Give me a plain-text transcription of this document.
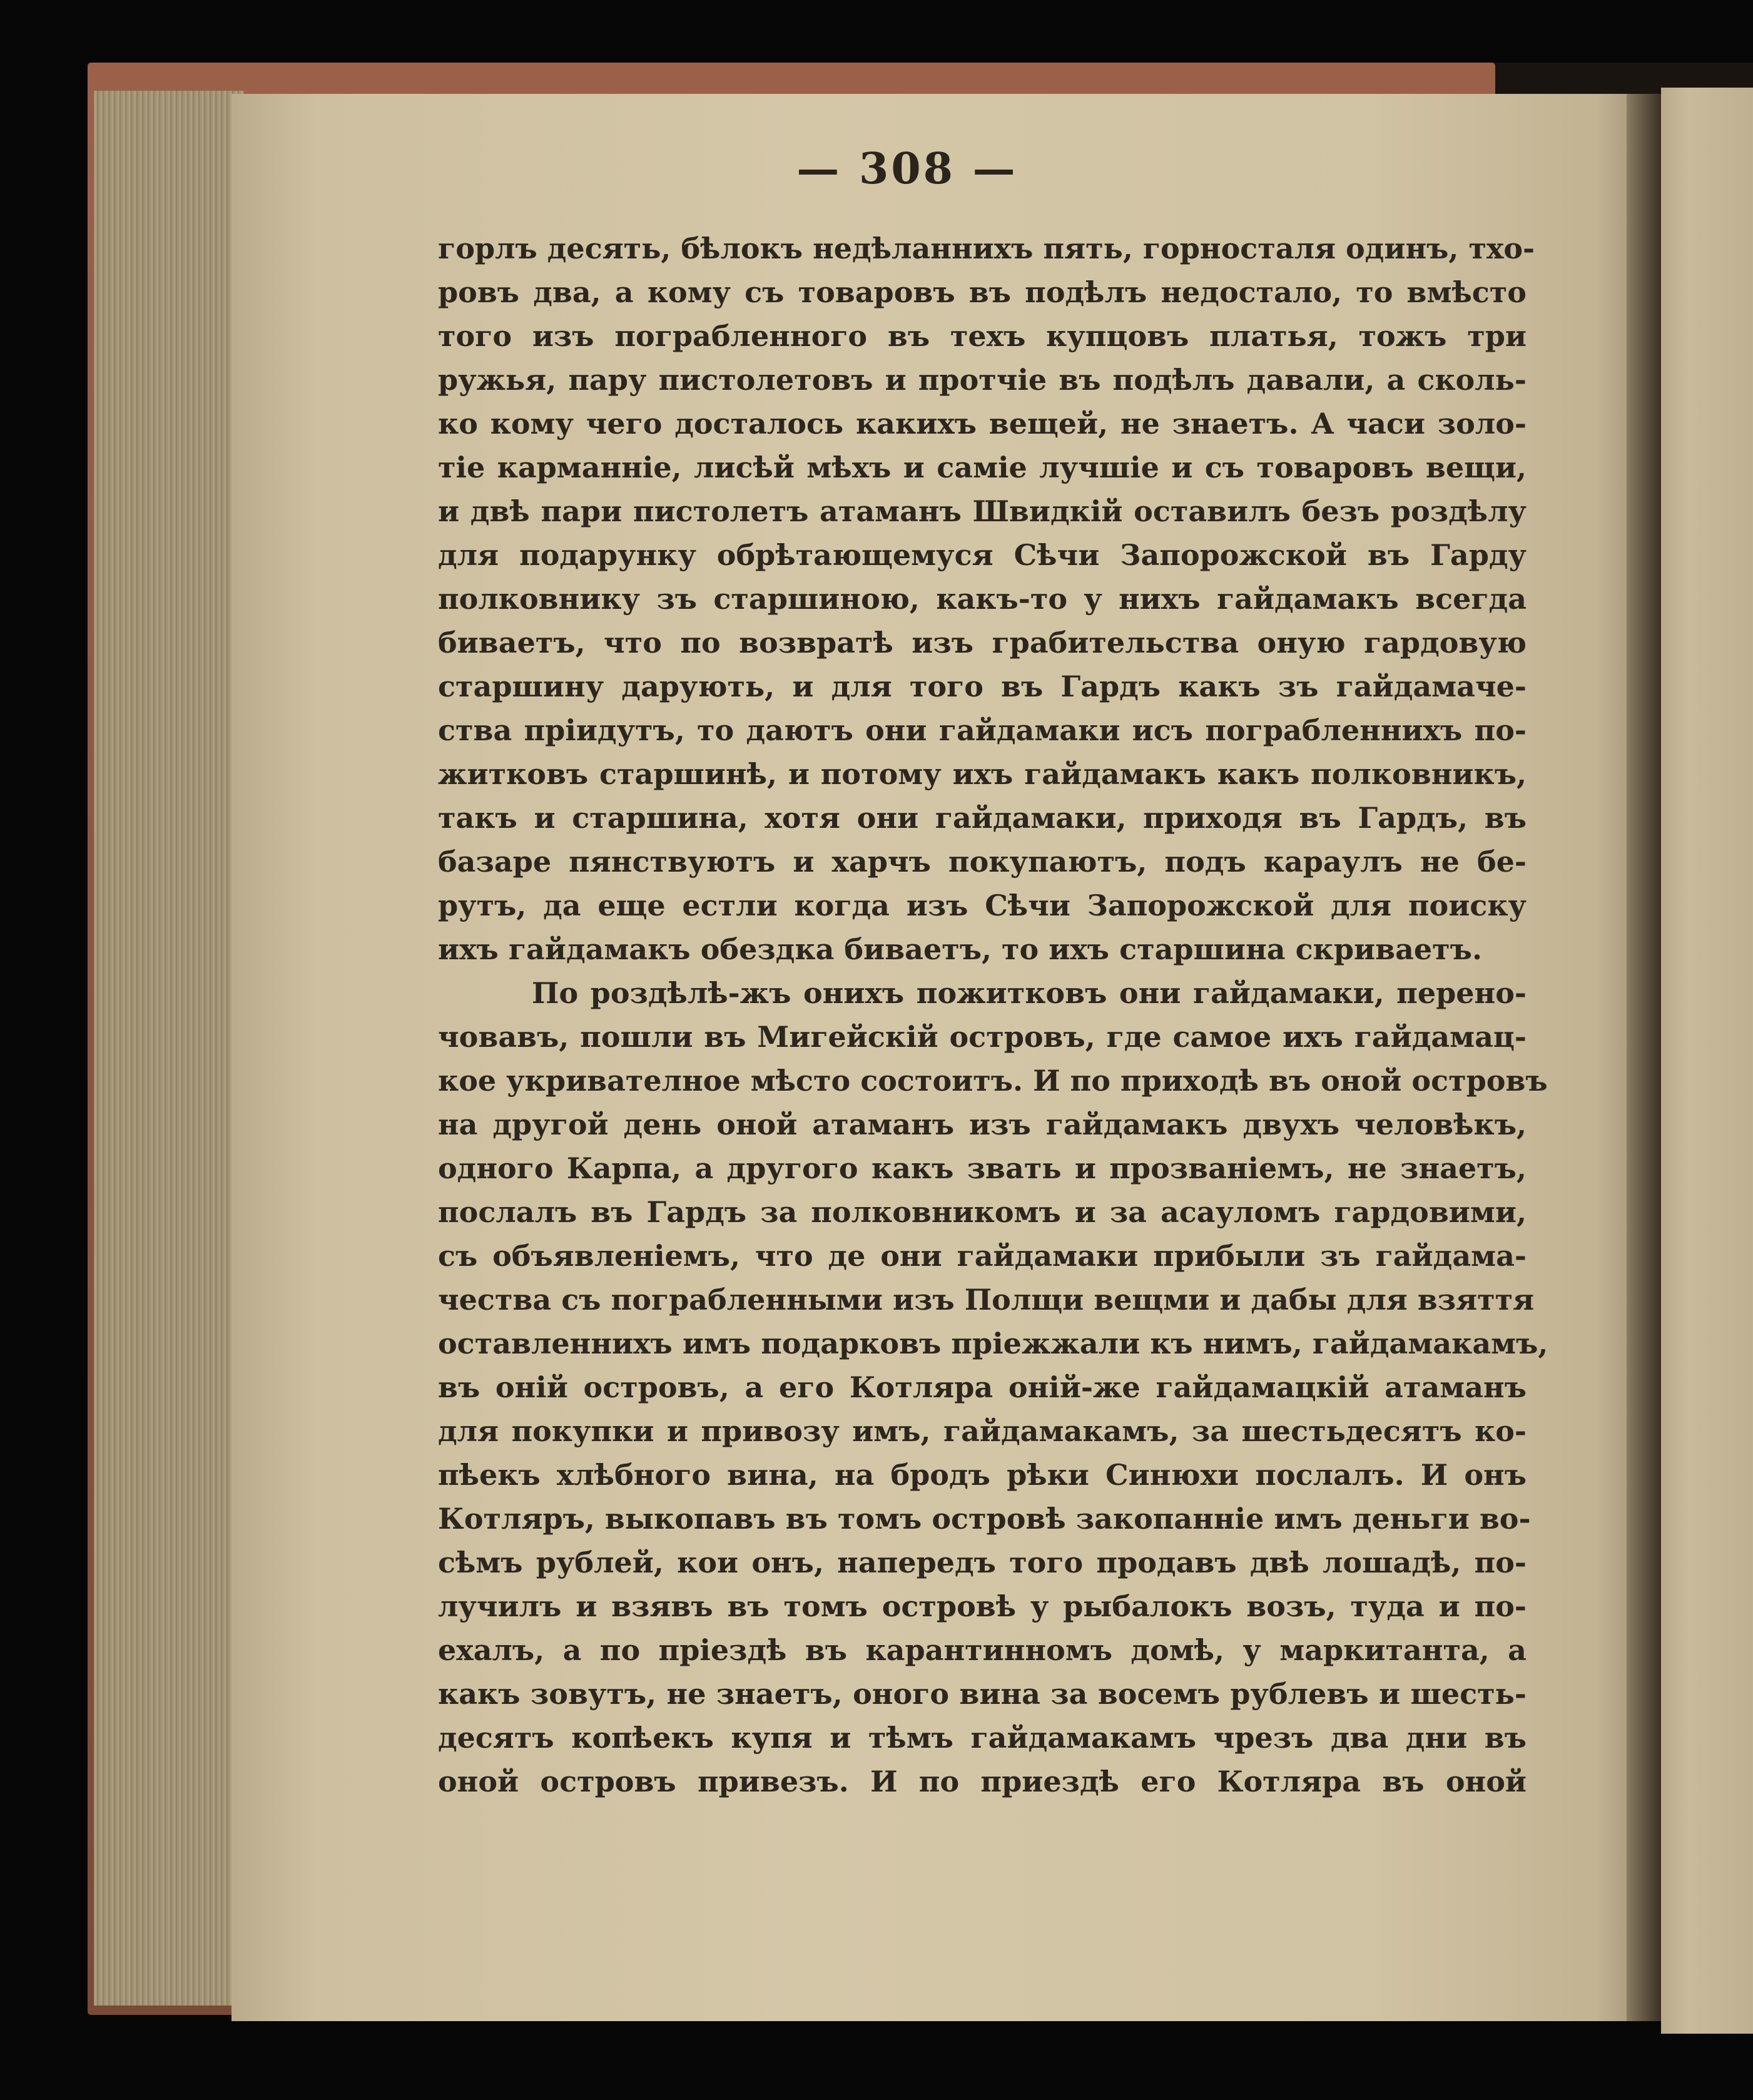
— 308 —
горлъ десять, бѣлокъ недѣланнихъ пять, горносталя одинъ, тхо-
ровъ два, а кому съ товаровъ въ подѣлъ недостало, то вмѣсто
того изъ пограбленного въ техъ купцовъ платья, тожъ три
ружья, пару пистолетовъ и протчіе въ подѣлъ давали, а сколь-
ко кому чего досталось какихъ вещей, не знаетъ. А часи золо-
тіе карманніе, лисѣй мѣхъ и саміе лучшіе и съ товаровъ вещи,
и двѣ пари пистолетъ атаманъ Швидкій оставилъ безъ роздѣлу
для подарунку обрѣтающемуся Сѣчи Запорожской въ Гарду
полковнику зъ старшиною, какъ-то у нихъ гайдамакъ всегда
биваетъ, что по возвратѣ изъ грабительства оную гардовую
старшину дарують, и для того въ Гардъ какъ зъ гайдамаче-
ства пріидутъ, то даютъ они гайдамаки исъ пограбленнихъ по-
житковъ старшинѣ, и потому ихъ гайдамакъ какъ полковникъ,
такъ и старшина, хотя они гайдамаки, приходя въ Гардъ, въ
базаре пянствуютъ и харчъ покупаютъ, подъ караулъ не бе-
рутъ, да еще естли когда изъ Сѣчи Запорожской для поиску
ихъ гайдамакъ обездка биваетъ, то ихъ старшина скриваетъ.
По роздѣлѣ-жъ онихъ пожитковъ они гайдамаки, перено-
човавъ, пошли въ Мигейскій островъ, где самое ихъ гайдамац-
кое укривателное мѣсто состоитъ. И по приходѣ въ оной островъ
на другой день оной атаманъ изъ гайдамакъ двухъ человѣкъ,
одного Карпа, а другого какъ звать и прозваніемъ, не знаетъ,
послалъ въ Гардъ за полковникомъ и за асауломъ гардовими,
съ объявленіемъ, что де они гайдамаки прибыли зъ гайдама-
чества съ пограбленными изъ Полщи вещми и дабы для взяття
оставленнихъ имъ подарковъ пріежжали къ нимъ, гайдамакамъ,
въ оній островъ, а его Котляра оній-же гайдамацкій атаманъ
для покупки и привозу имъ, гайдамакамъ, за шестьдесятъ ко-
пѣекъ хлѣбного вина, на бродъ рѣки Синюхи послалъ. И онъ
Котляръ, выкопавъ въ томъ островѣ закопанніе имъ деньги во-
сѣмъ рублей, кои онъ, напередъ того продавъ двѣ лошадѣ, по-
лучилъ и взявъ въ томъ островѣ у рыбалокъ возъ, туда и по-
ехалъ, а по пріездѣ въ карантинномъ домѣ, у маркитанта, а
какъ зовутъ, не знаетъ, оного вина за восемъ рублевъ и шесть-
десятъ копѣекъ купя и тѣмъ гайдамакамъ чрезъ два дни въ
оной островъ привезъ. И по приездѣ его Котляра въ оной
